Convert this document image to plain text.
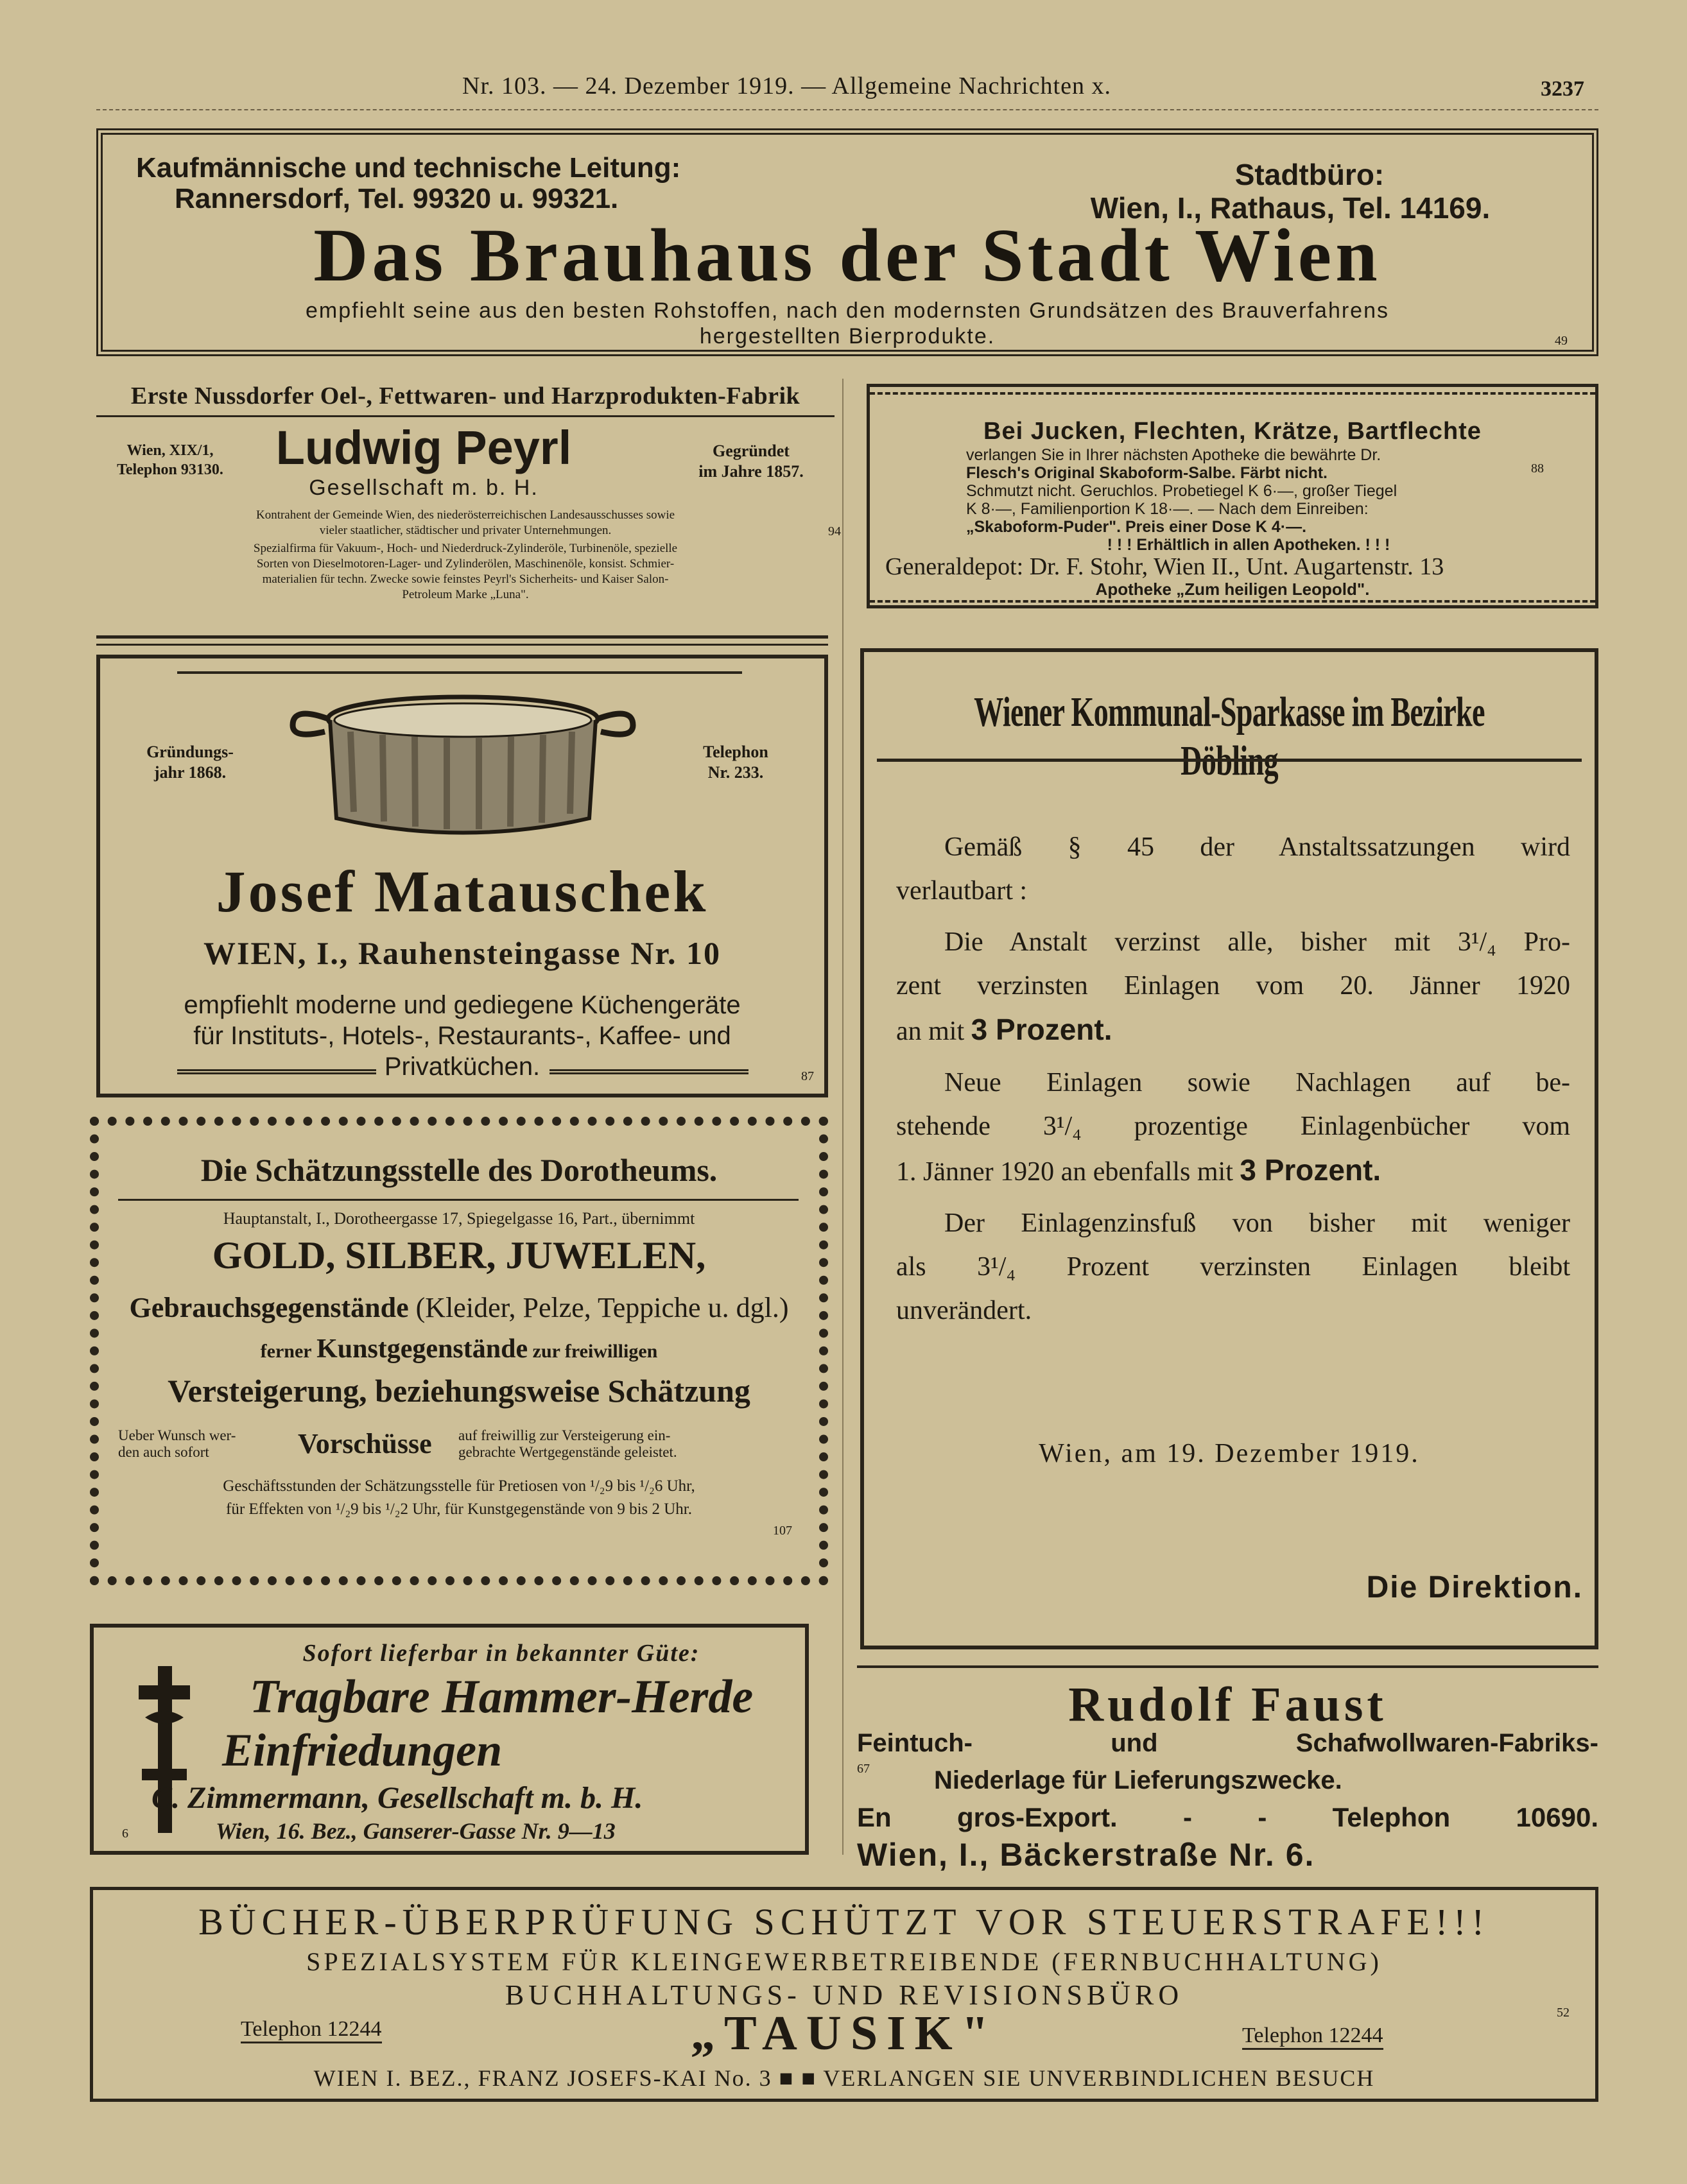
Nr. 103. — 24. Dezember 1919. — Allgemeine Nachrichten x.	3237
Kaufmännische und technische Leitung:
Rannersdorf, Tel. 99320 u. 99321.
Stadtbüro:
Wien, I., Rathaus, Tel. 14169.
Das Brauhaus der Stadt Wien
empfiehlt seine aus den besten Rohstoffen, nach den modernsten Grundsätzen des Brauverfahrens
hergestellten Bierprodukte.	49
Erste Nussdorfer Oel-, Fettwaren- und Harzprodukten-Fabrik
Wien, XIX/1,
Telephon 93130.	Ludwig Peyrl
Gesellschaft m. b. H.
Gegründet
im Jahre 1857.
Kontrahent der Gemeinde Wien, des niederösterreichischen Landesausschusses sowie
vieler staatlicher, städtischer und privater Unternehmungen.
Spezialfirma für Vakuum-, Hoch- und Niederdruck-Zylinderöle, Turbinenöle, spezielle
Sorten von Dieselmotoren-Lager- und Zylinderölen, Maschinenöle, konsist. Schmier-
materialien für techn. Zwecke sowie feinstes Peyrl's Sicherheits- und Kaiser Salon-
Petroleum Marke „Luna".
94
Bei Jucken, Flechten, Krätze, Bartflechte
verlangen Sie in Ihrer nächsten Apotheke die bewährte Dr.
Flesch's Original Skaboform-Salbe. Färbt nicht.
Schmutzt nicht. Geruchlos. Probetiegel K 6·—, großer Tiegel
K 8·—, Familienportion K 18·—. — Nach dem Einreiben:
„Skaboform-Puder". Preis einer Dose K 4·—.
! ! ! Erhältlich in allen Apotheken. ! ! !
Generaldepot: Dr. F. Stohr, Wien II., Unt. Augartenstr. 13
Apotheke „Zum heiligen Leopold".
88
Gründungs-
jahr 1868.
Telephon
Nr. 233.
Josef Matauschek
WIEN, I., Rauhensteingasse Nr. 10
empfiehlt moderne und gediegene Küchengeräte
für Instituts-, Hotels-, Restaurants-, Kaffee- und
Privatküchen.	87
Die Schätzungsstelle des Dorotheums.
Hauptanstalt, I., Dorotheergasse 17, Spiegelgasse 16, Part., übernimmt
GOLD, SILBER, JUWELEN,
Gebrauchsgegenstände (Kleider, Pelze, Teppiche u. dgl.)
ferner Kunstgegenstände zur freiwilligen
Versteigerung, beziehungsweise Schätzung
Ueber Wunsch wer-
den auch sofort	Vorschüsse auf freiwillig zur Versteigerung ein-
gebrachte Wertgegenstände geleistet.
Geschäftsstunden der Schätzungsstelle für Pretiosen von ¹/₂9 bis ¹/₂6 Uhr,
für Effekten von ¹/₂9 bis ¹/₂2 Uhr, für Kunstgegenstände von 9 bis 2 Uhr.
107
Sofort lieferbar in bekannter Güte:
Tragbare Hammer-Herde
Einfriedungen
C. Zimmermann, Gesellschaft m. b. H.
Wien, 16. Bez., Ganserer-Gasse Nr. 9—13
6
Wiener Kommunal-Sparkasse im Bezirke Döbling
Gemäß § 45 der Anstaltssatzungen wird
verlautbart :
Die Anstalt verzinst alle, bisher mit 3¹/₄ Pro-
zent verzinsten Einlagen vom 20. Jänner 1920
an mit 3 Prozent.
Neue Einlagen sowie Nachlagen auf be-
stehende 3¹/₄ prozentige Einlagenbücher vom
1. Jänner 1920 an ebenfalls mit 3 Prozent.
Der Einlagenzinsfuß von bisher mit weniger
als 3¹/₄ Prozent verzinsten Einlagen bleibt
unverändert.
Wien, am 19. Dezember 1919.
Die Direktion.
Rudolf Faust
Feintuch- und Schafwollwaren-Fabriks-
Niederlage für Lieferungszwecke.
En gros-Export. - - Telephon 10690.
Wien, I., Bäckerstraße Nr. 6.
67
BÜCHER-ÜBERPRÜFUNG SCHÜTZT VOR STEUERSTRAFE!!!
SPEZIALSYSTEM FÜR KLEINGEWERBETREIBENDE (FERNBUCHHALTUNG)
BUCHHALTUNGS- UND REVISIONSBÜRO
Telephon 12244	„TAUSIK"	Telephon 12244
WIEN I. BEZ., FRANZ JOSEFS-KAI No. 3 ■ ■ VERLANGEN SIE UNVERBINDLICHEN BESUCH
52
